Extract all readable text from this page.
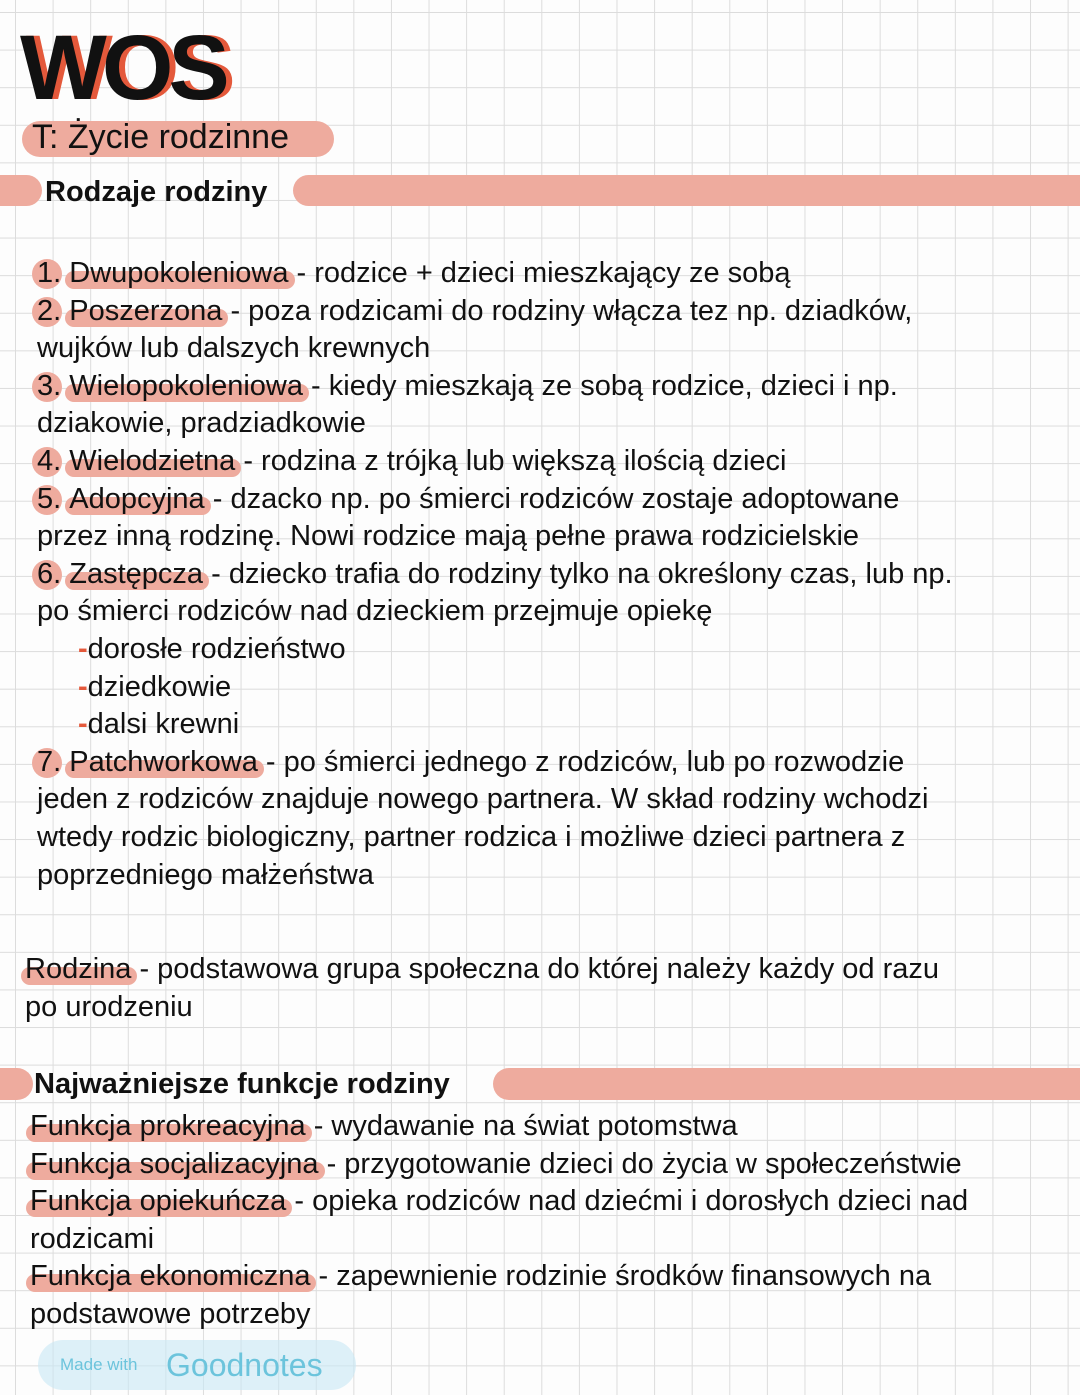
WOS
T: Życie rodzinne
Rodzaje rodziny
1. Dwupokoleniowa - rodzice + dzieci mieszkający ze sobą
2. Poszerzona - poza rodzicami do rodziny włącza tez np. dziadków,
wujków lub dalszych krewnych
3. Wielopokoleniowa - kiedy mieszkają ze sobą rodzice, dzieci i np.
dziakowie, pradziadkowie
4. Wielodzietna - rodzina z trójką lub większą ilością dzieci
5. Adopcyjna - dzacko np. po śmierci rodziców zostaje adoptowane
przez inną rodzinę. Nowi rodzice mają pełne prawa rodzicielskie
6. Zastępcza - dziecko trafia do rodziny tylko na określony czas, lub np.
po śmierci rodziców nad dzieckiem przejmuje opiekę
-dorosłe rodzieństwo
-dziedkowie
-dalsi krewni
7. Patchworkowa - po śmierci jednego z rodziców, lub po rozwodzie
jeden z rodziców znajduje nowego partnera. W skład rodziny wchodzi
wtedy rodzic biologiczny, partner rodzica i możliwe dzieci partnera z
poprzedniego małżeństwa
Najważniejsze funkcje rodziny
Rodzina - podstawowa grupa społeczna do której należy każdy od razu
po urodzeniu
Funkcja prokreacyjna - wydawanie na świat potomstwa
Funkcja socjalizacyjna - przygotowanie dzieci do życia w społeczeństwie
Funkcja opiekuńcza - opieka rodziców nad dziećmi i dorosłych dzieci nad
rodzicami
Funkcja ekonomiczna - zapewnienie rodzinie środków finansowych na
podstawowe potrzeby
Made with Goodnotes
